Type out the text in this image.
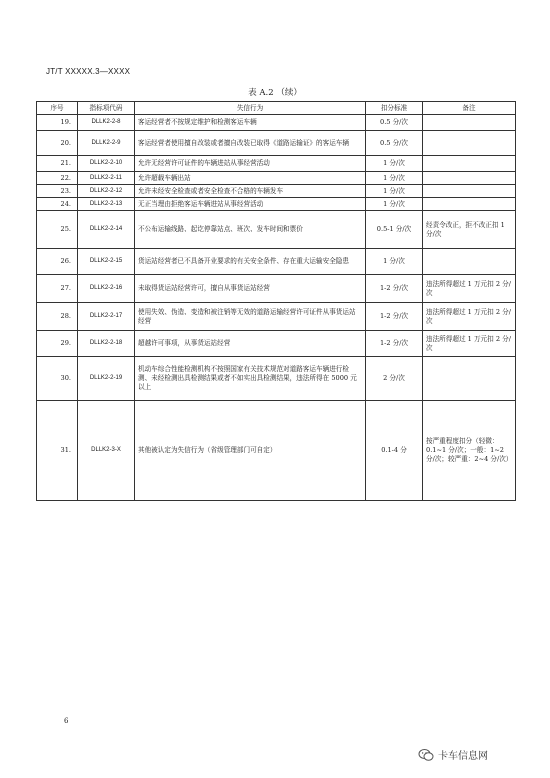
JT/T XXXXX.3—XXXX
表 A.2 （续）
序号	指标项代码	失信行为	扣分标准	备注
19.	DLLK2-2-8	客运经营者不按规定维护和检测客运车辆	0.5 分/次	
20.	DLLK2-2-9	客运经营者使用擅自改装或者擅自改装已取得《道路运输证》的客运车辆	0.5 分/次	
21.	DLLK2-2-10	允许无经营许可证件的车辆进站从事经营活动	1 分/次	
22.	DLLK2-2-11	允许超载车辆出站	1 分/次	
23.	DLLK2-2-12	允许未经安全检查或者安全检查不合格的车辆发车	1 分/次	
24.	DLLK2-2-13	无正当理由拒绝客运车辆进站从事经营活动	1 分/次	
25.	DLLK2-2-14	不公布运输线路、起讫停靠站点、班次、发车时间和票价	0.5-1 分/次	经责令改正，拒不改正扣 1 分/次
26.	DLLK2-2-15	货运站经营者已不具备开业要求的有关安全条件、存在重大运输安全隐患	1 分/次	
27.	DLLK2-2-16	未取得货运站经营许可，擅自从事货运站经营	1-2 分/次	违法所得超过 1 万元扣 2 分/次
28.	DLLK2-2-17	使用失效、伪造、变造和被注销等无效的道路运输经营许可证件从事货运站经营	1-2 分/次	违法所得超过 1 万元扣 2 分/次
29.	DLLK2-2-18	超越许可事项，从事货运站经营	1-2 分/次	违法所得超过 1 万元扣 2 分/次
30.	DLLK2-2-19	机动车综合性能检测机构不按照国家有关技术规范对道路客运车辆进行检测、未经检测出具检测结果或者不如实出具检测结果，违法所得在 5000 元以上	2 分/次	
31.	DLLK2-3-X	其他被认定为失信行为（省级管理部门可自定）	0.1-4 分	按严重程度扣分（轻微：0.1~1 分/次；一般：1~2 分/次；较严重：2~4 分/次）
6
卡车信息网
